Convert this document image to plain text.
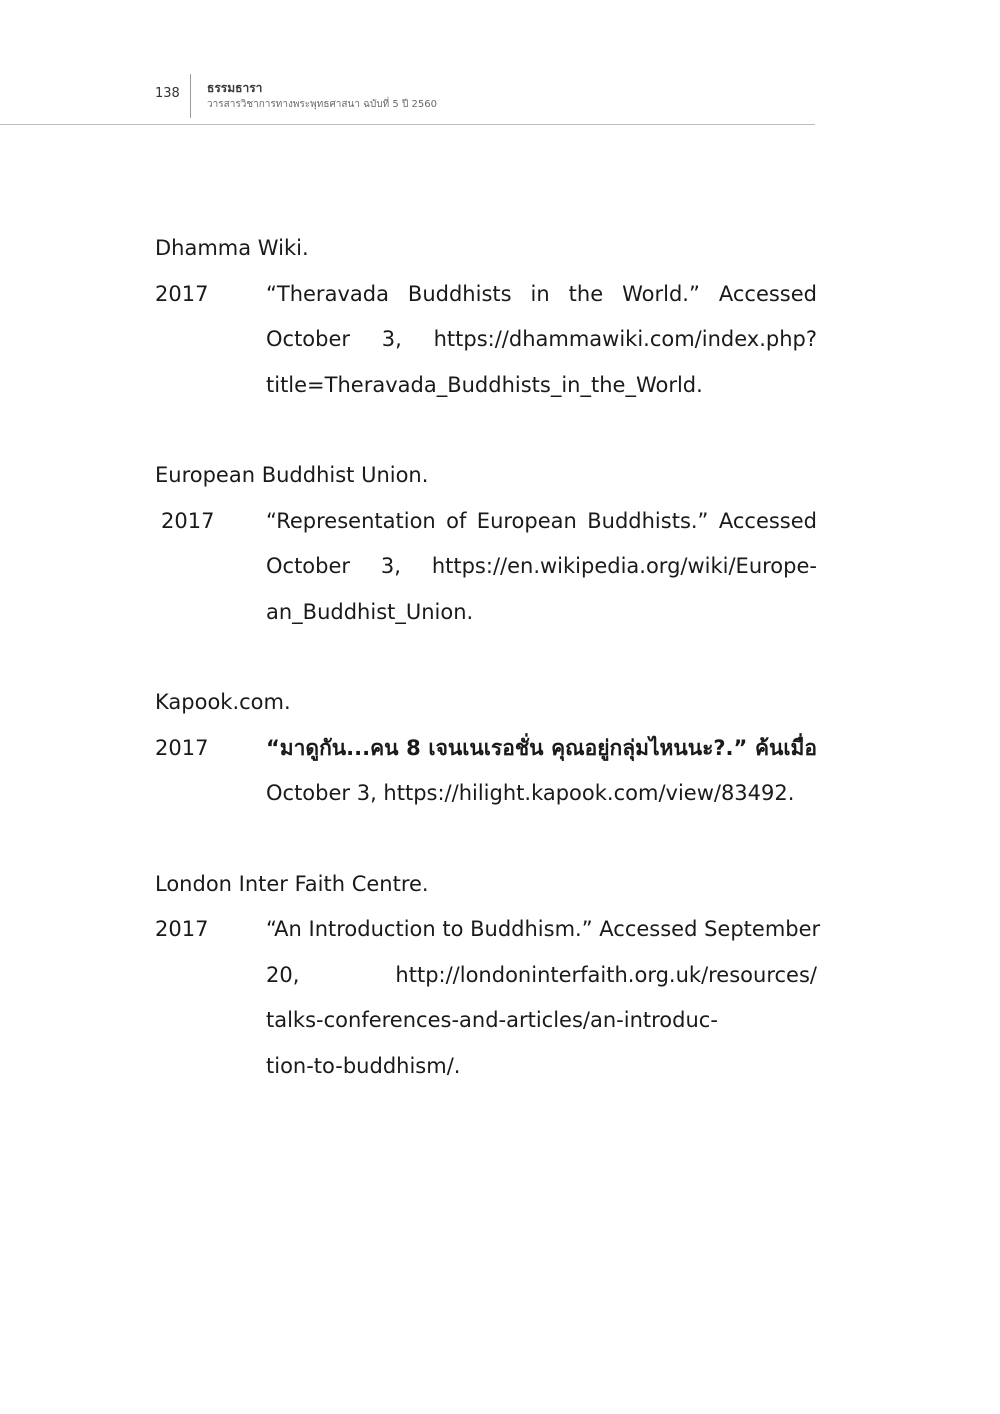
138 ธรรมธารา
วารสารวิชาการทางพระพุทธศาสนา ฉบับที่ 5 ปี 2560
Dhamma Wiki.
2017	“Theravada Buddhists in the World.” Accessed
October 3, https://dhammawiki.com/index.php?
title=Theravada_Buddhists_in_the_World.
European Buddhist Union.
2017 “Representation of European Buddhists.” Accessed
October 3, https://en.wikipedia.org/wiki/Europe-
an_Buddhist_Union.
Kapook.com.
2017	“มาดูกัน...คน 8 เจนเนเรอชั่น คุณอยู่กลุ่มไหนนะ?.” ค้นเมื่อ
October 3, https://hilight.kapook.com/view/83492.
London Inter Faith Centre.
2017	“An Introduction to Buddhism.” Accessed September
20, http://londoninterfaith.org.uk/resources/
talks-conferences-and-articles/an-introduc-
tion-to-buddhism/.
